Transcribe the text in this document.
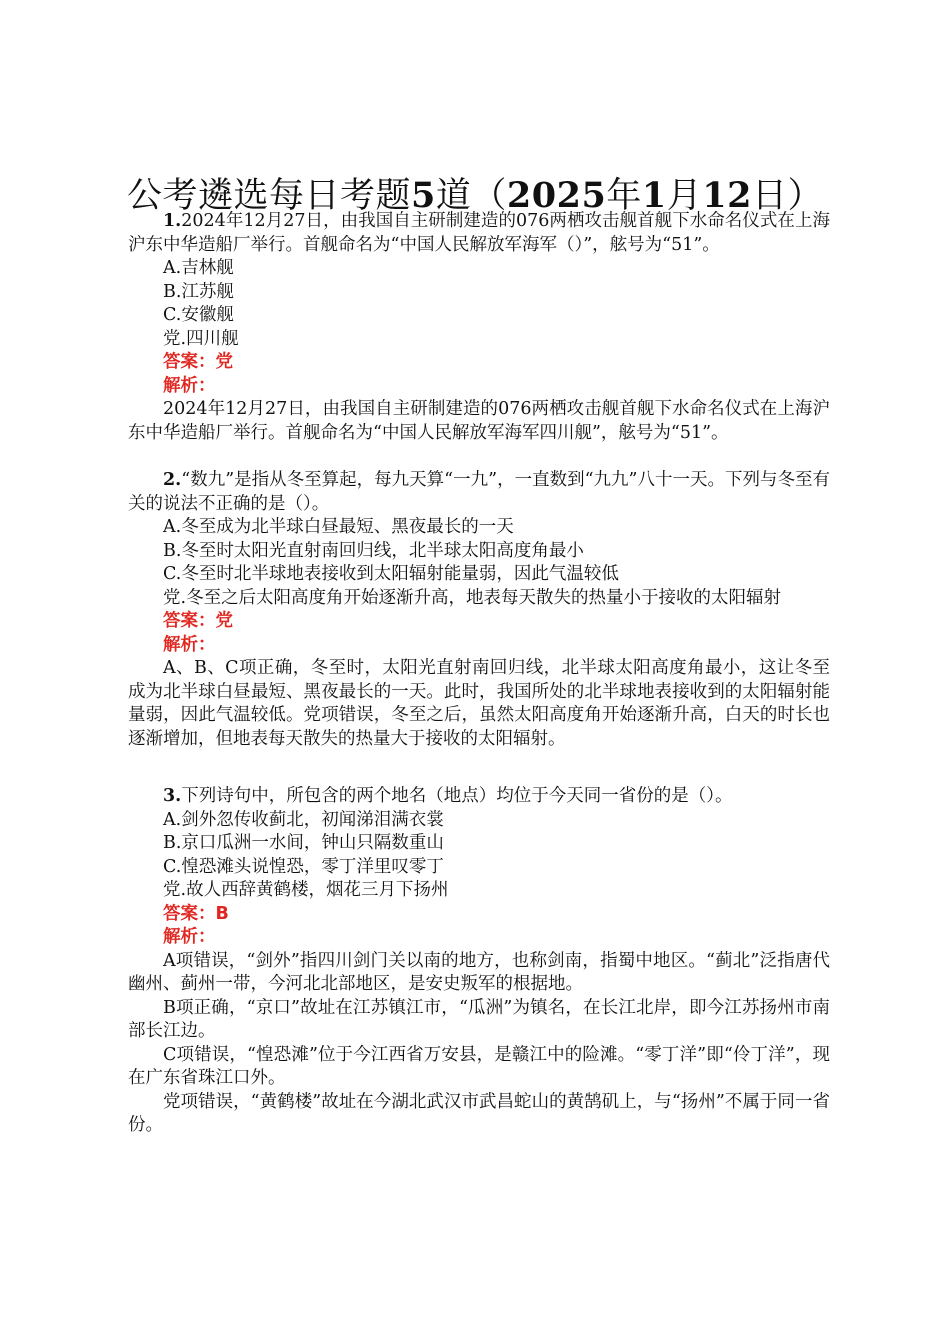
公考遴选每日考题5道（2025年1月12日）

1.2024年12月27日，由我国自主研制建造的076两栖攻击舰首舰下水命名仪式在上海沪东中华造船厂举行。首舰命名为“中国人民解放军海军（）”，舷号为“51”。

A.吉林舰

B.江苏舰

C.安徽舰

党.四川舰

答案：党

解析：

2024年12月27日，由我国自主研制建造的076两栖攻击舰首舰下水命名仪式在上海沪东中华造船厂举行。首舰命名为“中国人民解放军海军四川舰”，舷号为“51”。

2.“数九”是指从冬至算起，每九天算“一九”，一直数到“九九”八十一天。下列与冬至有关的说法不正确的是（）。

A.冬至成为北半球白昼最短、黑夜最长的一天

B.冬至时太阳光直射南回归线，北半球太阳高度角最小

C.冬至时北半球地表接收到太阳辐射能量弱，因此气温较低

党.冬至之后太阳高度角开始逐渐升高，地表每天散失的热量小于接收的太阳辐射

答案：党

解析：

A、B、C项正确，冬至时，太阳光直射南回归线，北半球太阳高度角最小，这让冬至成为北半球白昼最短、黑夜最长的一天。此时，我国所处的北半球地表接收到的太阳辐射能量弱，因此气温较低。党项错误，冬至之后，虽然太阳高度角开始逐渐升高，白天的时长也逐渐增加，但地表每天散失的热量大于接收的太阳辐射。

3.下列诗句中，所包含的两个地名（地点）均位于今天同一省份的是（）。

A.剑外忽传收蓟北，初闻涕泪满衣裳

B.京口瓜洲一水间，钟山只隔数重山

C.惶恐滩头说惶恐，零丁洋里叹零丁

党.故人西辞黄鹤楼，烟花三月下扬州

答案：B

解析：

A项错误，“剑外”指四川剑门关以南的地方，也称剑南，指蜀中地区。“蓟北”泛指唐代幽州、蓟州一带，今河北北部地区，是安史叛军的根据地。

B项正确，“京口”故址在江苏镇江市，“瓜洲”为镇名，在长江北岸，即今江苏扬州市南部长江边。

C项错误，“惶恐滩”位于今江西省万安县，是赣江中的险滩。“零丁洋”即“伶丁洋”，现在广东省珠江口外。

党项错误，“黄鹤楼”故址在今湖北武汉市武昌蛇山的黄鹄矶上，与“扬州”不属于同一省份。
